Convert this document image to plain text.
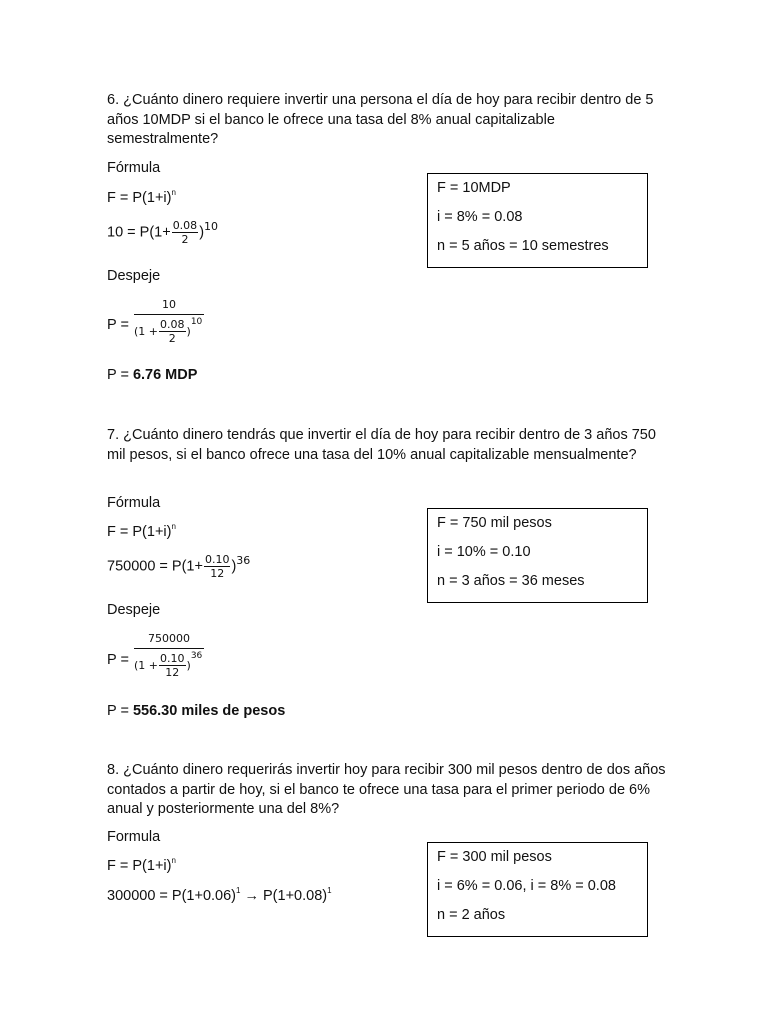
6. ¿Cuánto dinero requiere invertir una persona el día de hoy para recibir dentro de 5 años 10MDP si el banco le ofrece una tasa del 8% anual capitalizable semestralmente?
Fórmula
$F = P(1+i)^n$
$10 = P(1+ \frac{0.08}{2} )^{10}$
Despeje
P =
10
$(1 + \frac{0.08}{2} )^{10}$
P = 6.76 MDP
F = 10MDP
i = 8% = 0.08
n = 5 años = 10 semestres
7. ¿Cuánto dinero tendrás que invertir el día de hoy para recibir dentro de 3 años 750 mil pesos, si el banco ofrece una tasa del 10% anual capitalizable mensualmente?
Fórmula
$F = P(1+i)^n$
$750000 = P(1+ \frac{0.10}{12} )^{36}$
Despeje
P =
750000
$(1 + \frac{0.10}{12} )^{36}$
P = 556.30 miles de pesos
F = 750 mil pesos
i = 10% = 0.10
n = 3 años = 36 meses
8. ¿Cuánto dinero requerirás invertir hoy para recibir 300 mil pesos dentro de dos años contados a partir de hoy, si el banco te ofrece una tasa para el primer periodo de 6% anual y posteriormente una del 8%?
Formula
$F = P(1+i)^n$
$300000 = P(1+0.06)^1 \to P(1+0.08)^1$
F = 300 mil pesos
i = 6% = 0.06, i = 8% = 0.08
n = 2 años
